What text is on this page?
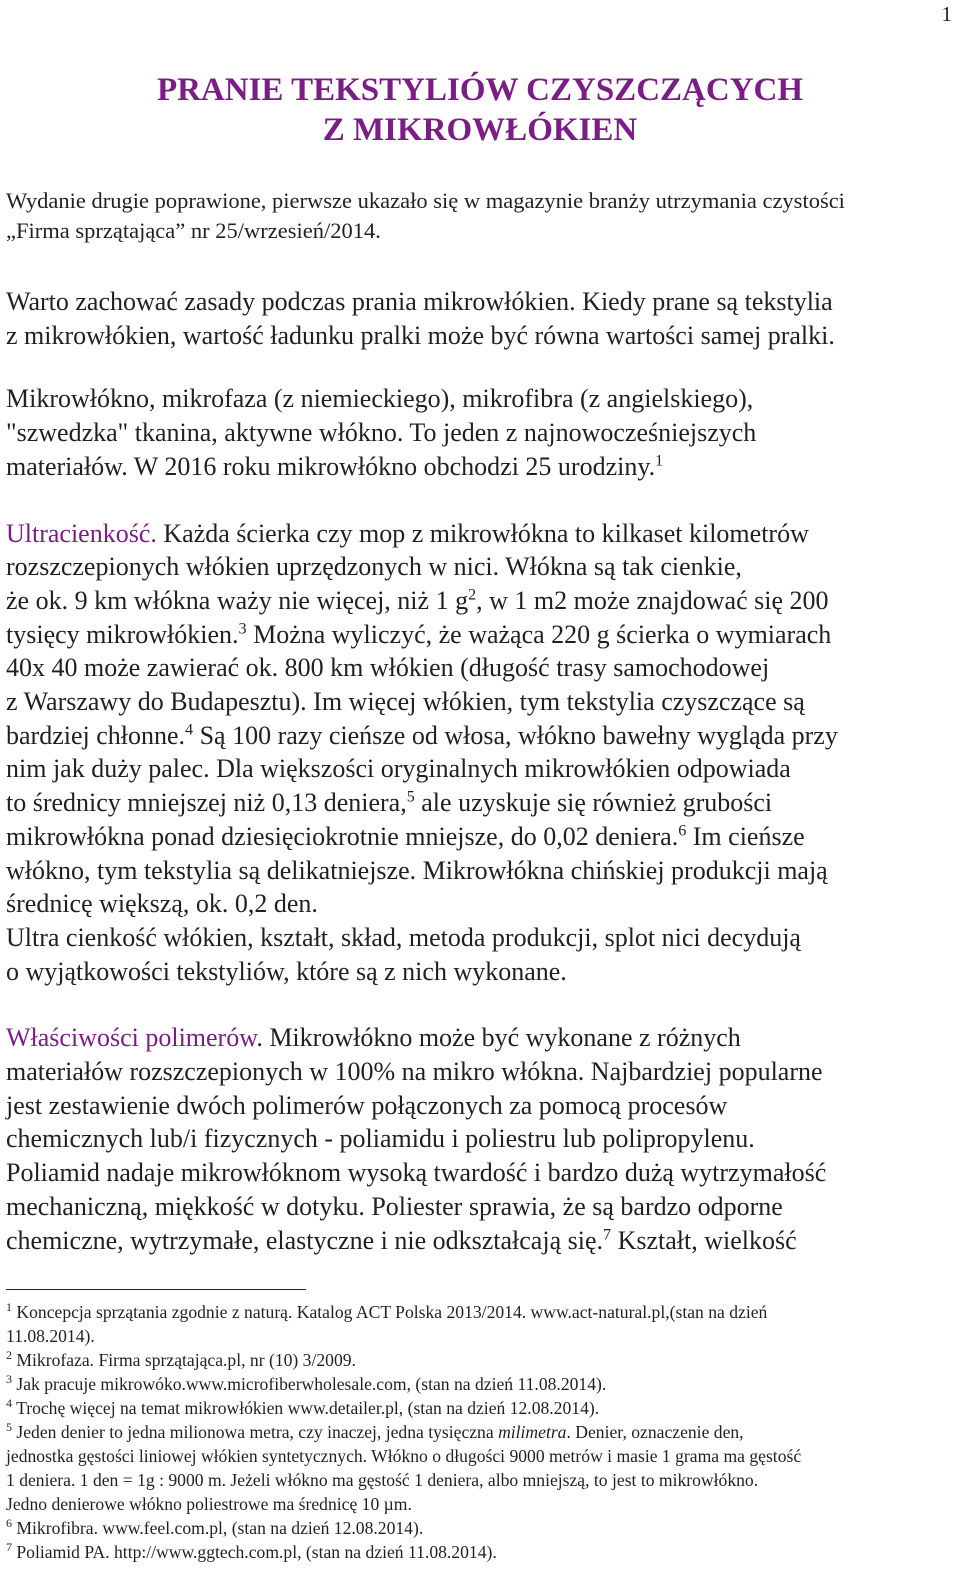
1
PRANIE TEKSTYLIÓW CZYSZCZĄCYCH
Z MIKROWŁÓKIEN
Wydanie drugie poprawione, pierwsze ukazało się w magazynie branży utrzymania czystości
„Firma sprzątająca” nr 25/wrzesień/2014.

Warto zachować zasady podczas prania mikrowłókien. Kiedy prane są tekstylia
z mikrowłókien, wartość ładunku pralki może być równa wartości samej pralki.

Mikrowłókno, mikrofaza (z niemieckiego), mikrofibra (z angielskiego),
"szwedzka" tkanina, aktywne włókno. To jeden z najnowocześniejszych
materiałów. W 2016 roku mikrowłókno obchodzi 25 urodziny.$^1$

Ultracienkość. Każda ścierka czy mop z mikrowłókna to kilkaset kilometrów
rozszczepionych włókien uprzędzonych w nici. Włókna są tak cienkie,
że ok. 9 km włókna waży nie więcej, niż 1 $g^2$, w 1 m2 może znajdować się 200
tysięcy mikrowłókien.$^3$ Można wyliczyć, że ważąca 220 g ścierka o wymiarach
40x 40 może zawierać ok. 800 km włókien (długość trasy samochodowej
z Warszawy do Budapesztu). Im więcej włókien, tym tekstylia czyszczące są
bardziej chłonne.$^4$ Są 100 razy cieńsze od włosa, włókno bawełny wygląda przy
nim jak duży palec. Dla większości oryginalnych mikrowłókien odpowiada
to średnicy mniejszej niż 0,13 deniera,$^5$ ale uzyskuje się również grubości
mikrowłókna ponad dziesięciokrotnie mniejsze, do 0,02 deniera.$^6$ Im cieńsze
włókno, tym tekstylia są delikatniejsze. Mikrowłókna chińskiej produkcji mają
średnicę większą, ok. 0,2 den.
Ultra cienkość włókien, kształt, skład, metoda produkcji, splot nici decydują
o wyjątkowości tekstyliów, które są z nich wykonane.

Właściwości polimerów. Mikrowłókno może być wykonane z różnych
materiałów rozszczepionych w 100% na mikro włókna. Najbardziej popularne
jest zestawienie dwóch polimerów połączonych za pomocą procesów
chemicznych lub/i fizycznych - poliamidu i poliestru lub polipropylenu.
Poliamid nadaje mikrowłóknom wysoką twardość i bardzo dużą wytrzymałość
mechaniczną, miękkość w dotyku. Poliester sprawia, że są bardzo odporne
chemiczne, wytrzymałe, elastyczne i nie odkształcają się.$^7$ Kształt, wielkość

$^1$ Koncepcja sprzątania zgodnie z naturą. Katalog ACT Polska 2013/2014. www.act-natural.pl,(stan na dzień
11.08.2014).

$^2$ Mikrofaza. Firma sprzątająca.pl, nr (10) 3/2009.

$^3$ Jak pracuje mikrowóko.www.microfiberwholesale.com, (stan na dzień 11.08.2014).

$^4$ Trochę więcej na temat mikrowłókien www.detailer.pl, (stan na dzień 12.08.2014).

$^5$ Jeden denier to jedna milionowa metra, czy inaczej, jedna tysięczna milimetra. Denier, oznaczenie den,
jednostka gęstości liniowej włókien syntetycznych. Włókno o długości 9000 metrów i masie 1 grama ma gęstość
1 deniera. 1 den = 1g : 9000 m. Jeżeli włókno ma gęstość 1 deniera, albo mniejszą, to jest to mikrowłókno.
Jedno denierowe włókno poliestrowe ma średnicę 10 µm.

$^6$ Mikrofibra. www.feel.com.pl, (stan na dzień 12.08.2014).

$^7$ Poliamid PA. http://www.ggtech.com.pl, (stan na dzień 11.08.2014).
